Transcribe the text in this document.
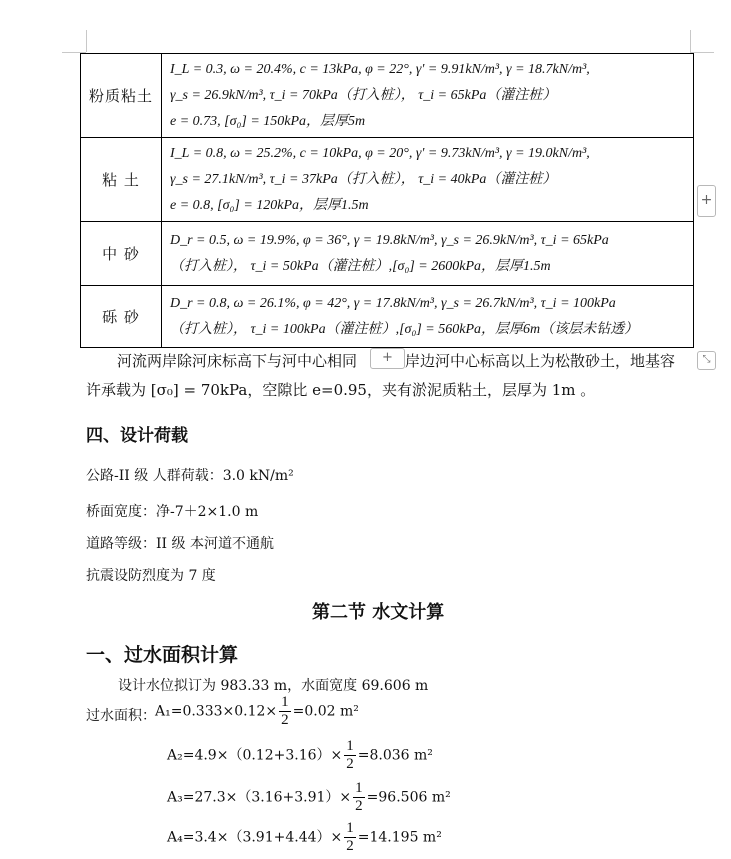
粉质粘土	I_L = 0.3, ω = 20.4%, c = 13kPa, φ = 22°, γ' = 9.91kN/m³, γ = 18.7kN/m³,
γ_s = 26.9kN/m³, τ_i = 70kPa（打入桩）， τ_i = 65kPa（灌注桩）
e = 0.73, [σ₀] = 150kPa，层厚5m

粘 土	I_L = 0.8, ω = 25.2%, c = 10kPa, φ = 20°, γ' = 9.73kN/m³, γ = 19.0kN/m³,
γ_s = 27.1kN/m³, τ_i = 37kPa（打入桩）， τ_i = 40kPa（灌注桩）
e = 0.8, [σ₀] = 120kPa，层厚1.5m

中 砂	D_r = 0.5, ω = 19.9%, φ = 36°, γ = 19.8kN/m³, γ_s = 26.9kN/m³, τ_i = 65kPa
（打入桩）， τ_i = 50kPa（灌注桩）,[σ₀] = 2600kPa，层厚1.5m

砾 砂	D_r = 0.8, ω = 26.1%, φ = 42°, γ = 17.8kN/m³, γ_s = 26.7kN/m³, τ_i = 100kPa
（打入桩）， τ_i = 100kPa（灌注桩）,[σ₀] = 560kPa，层厚6m（该层未钻透）
+
河流两岸除河床标高下与河中心相同	+ 岸边河中心标高以上为松散砂土，地基容	⤡
许承载为 [σ₀] = 70kPa，空隙比 e=0.95，夹有淤泥质粘土，层厚为 1m 。
四、设计荷载
公路-II 级 人群荷载：3.0 kN/m²
桥面宽度：净-7＋2×1.0 m
道路等级：II 级 本河道不通航
抗震设防烈度为 7 度
第二节 水文计算
一、过水面积计算
设计水位拟订为 983.33 m，水面宽度 69.606 m
过水面积： $A_1=0.333\times 0.12\times \frac{1}{2} =0.02$ m²
$A_2=4.9\times(0.12+3.16)\times \frac{1}{2} =8.036$ m²
$A_3=27.3\times(3.16+3.91)\times \frac{1}{2} =96.506$ m²
$A_4=3.4\times(3.91+4.44)\times \frac{1}{2} =14.195$ m²
